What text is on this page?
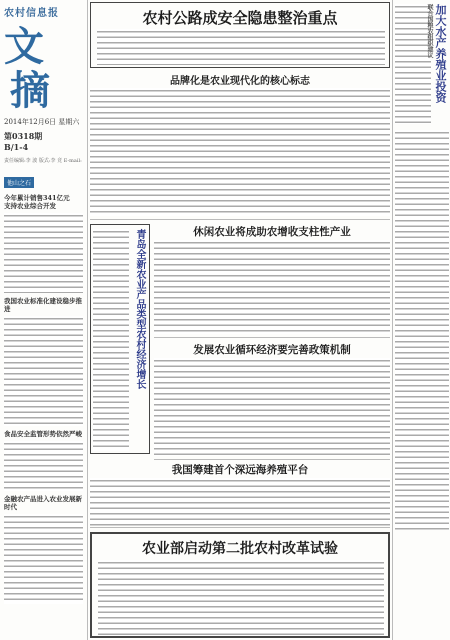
农村信息报
文
摘
2014年12月6日 星期六
第0318期
B/1-4
责任编辑:李 波 版式:李 竞 E-mail:
他山之石
今年累计销售341亿元
支持农业综合开发
我国农业标准化建设稳步推进
食品安全监管形势依然严峻
金融农产品进入农业发展新时代
农村公路成安全隐患整治重点
品牌化是农业现代化的核心标志
青岛全新农业产品类型农村经济增长	休闲农业将成助农增收支柱性产业
发展农业循环经济要完善政策机制
我国筹建首个深远海养殖平台
农业部启动第二批农村改革试验
加大水产养殖业投资
联合国粮农组织建议
